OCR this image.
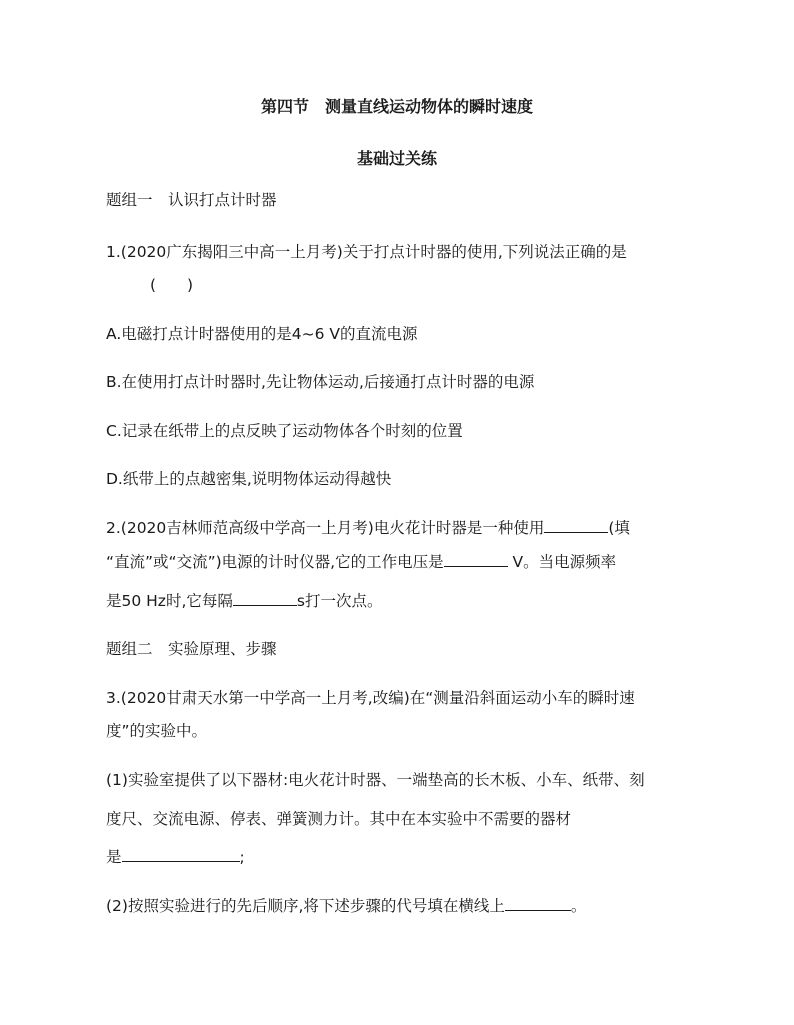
第四节　测量直线运动物体的瞬时速度
基础过关练
题组一　认识打点计时器
1.(2020广东揭阳三中高一上月考)关于打点计时器的使用,下列说法正确的是
(　　)
A.电磁打点计时器使用的是4~6 V的直流电源
B.在使用打点计时器时,先让物体运动,后接通打点计时器的电源
C.记录在纸带上的点反映了运动物体各个时刻的位置
D.纸带上的点越密集,说明物体运动得越快
2.(2020吉林师范高级中学高一上月考)电火花计时器是一种使用	(填
“直流”或“交流”)电源的计时仪器,它的工作电压是	V。当电源频率
是50 Hz时,它每隔	s打一次点。
题组二　实验原理、步骤
3.(2020甘肃天水第一中学高一上月考,改编)在“测量沿斜面运动小车的瞬时速
度”的实验中。
(1)实验室提供了以下器材:电火花计时器、一端垫高的长木板、小车、纸带、刻
度尺、交流电源、停表、弹簧测力计。其中在本实验中不需要的器材
是	;
(2)按照实验进行的先后顺序,将下述步骤的代号填在横线上	。
